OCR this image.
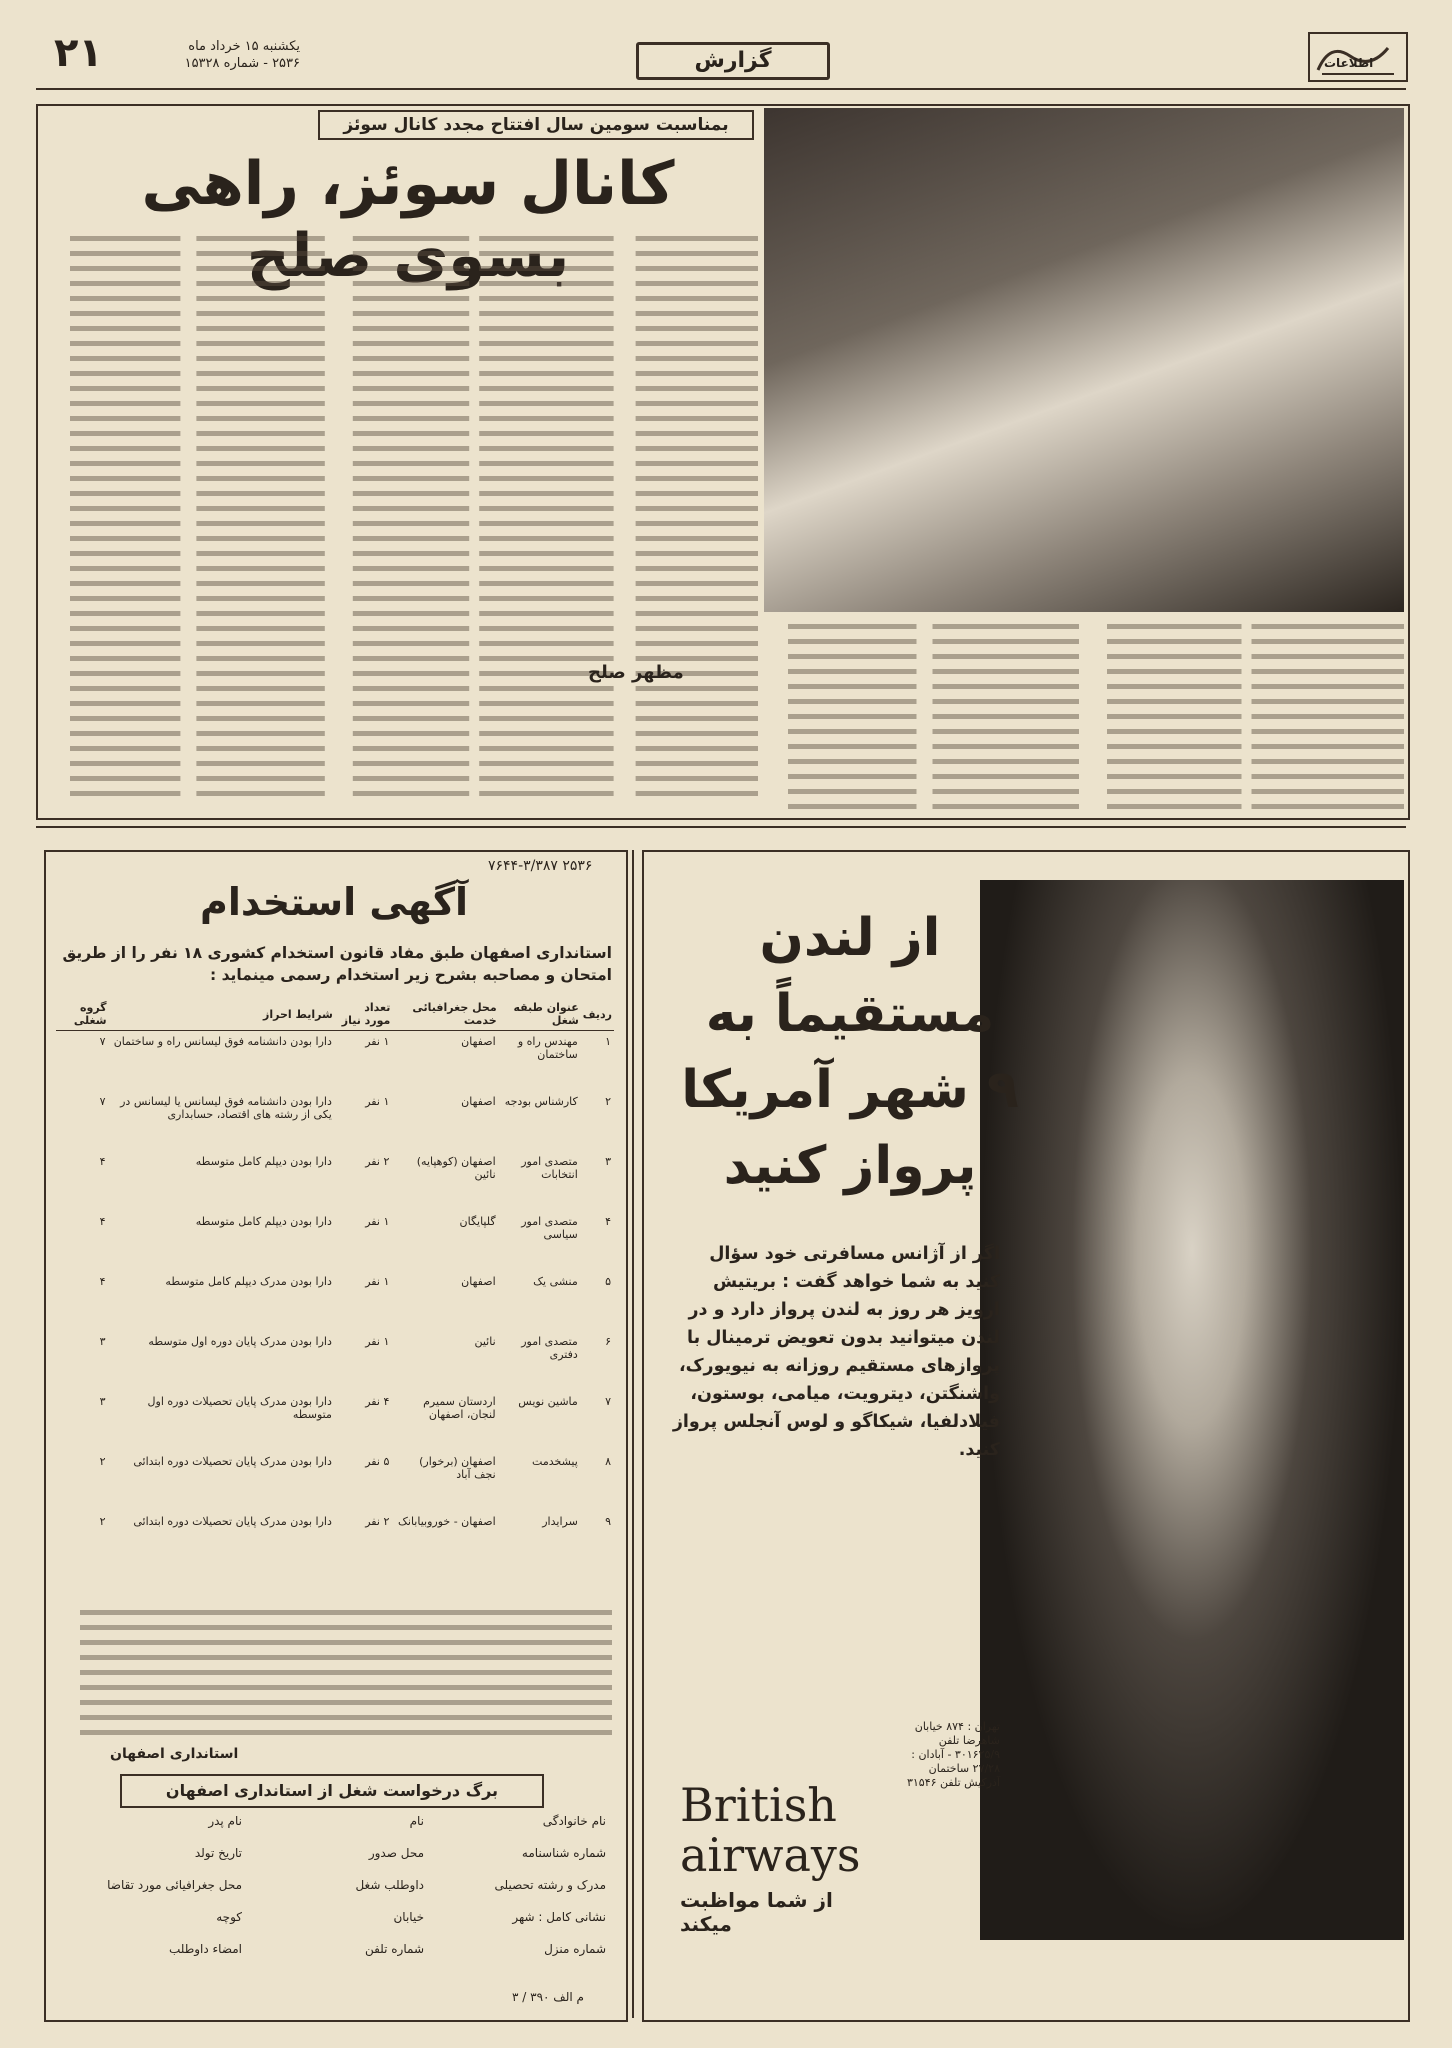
اطلاعات
گزارش
یکشنبه ۱۵ خرداد ماه
۲۵۳۶ - شماره ۱۵۳۲۸
۲۱
بمناسبت سومین سال افتتاح مجدد کانال سوئز
کانال سوئز، راهی بسوی صلح
مظهر صلح
۷۶۴۴-۳/۳۸۷ ۲۵۳۶
آگهی استخدام
استانداری اصفهان طبق مفاد قانون استخدام کشوری ۱۸ نفر را از طریق امتحان و مصاحبه بشرح زیر استخدام رسمی مینماید :
ردیف	عنوان طبقه شغل	محل جغرافیائی خدمت	تعداد مورد نیاز	شرایط احراز	گروه شغلی
۱	مهندس راه و ساختمان	اصفهان	۱ نفر	دارا بودن دانشنامه فوق لیسانس راه و ساختمان	۷
۲	کارشناس بودجه	اصفهان	۱ نفر	دارا بودن دانشنامه فوق لیسانس یا لیسانس در یکی از رشته های اقتصاد، حسابداری	۷
۳	متصدی امور انتخابات	اصفهان (کوهپایه) نائین	۲ نفر	دارا بودن دیپلم کامل متوسطه	۴
۴	متصدی امور سیاسی	گلپایگان	۱ نفر	دارا بودن دیپلم کامل متوسطه	۴
۵	منشی یک	اصفهان	۱ نفر	دارا بودن مدرک دیپلم کامل متوسطه	۴
۶	متصدی امور دفتری	نائین	۱ نفر	دارا بودن مدرک پایان دوره اول متوسطه	۳
۷	ماشین نویس	اردستان سمیرم لنجان، اصفهان	۴ نفر	دارا بودن مدرک پایان تحصیلات دوره اول متوسطه	۳
۸	پیشخدمت	اصفهان (برخوار) نجف آباد	۵ نفر	دارا بودن مدرک پایان تحصیلات دوره ابتدائی	۲
۹	سرایدار	اصفهان - خوروبیابانک	۲ نفر	دارا بودن مدرک پایان تحصیلات دوره ابتدائی	۲
استانداری اصفهان
برگ درخواست شغل از استانداری اصفهان
نام خانوادگی
نام
نام پدر
شماره شناسنامه
محل صدور
تاریخ تولد
مدرک و رشته تحصیلی
داوطلب شغل
محل جغرافیائی مورد تقاضا
نشانی کامل : شهر
خیابان
کوچه
شماره منزل
شماره تلفن
امضاء داوطلب
م الف ۳۹۰ / ۳
از لندن
مستقیماً به
۹ شهر آمریکا
پرواز کنید
اگر از آژانس مسافرتی خود سؤال کنید به شما خواهد گفت : بریتیش ارویز هر روز به لندن پرواز دارد و در لندن میتوانید بدون تعویض ترمینال با پروازهای مستقیم روزانه به نیویورک، واشنگتن، دیترویت، میامی، بوستون، فیلادلفیا، شیکاگو و لوس آنجلس پرواز کنید.
تهران : ۸۷۴ خیابان شاهرضا تلفن ۳۰۱۶۲۵/۹ - آبادان : ۲۷/۲۸ ساختمان آذرکیش تلفن ۳۱۵۴۶
British
airways
از شما مواظبت میکند
